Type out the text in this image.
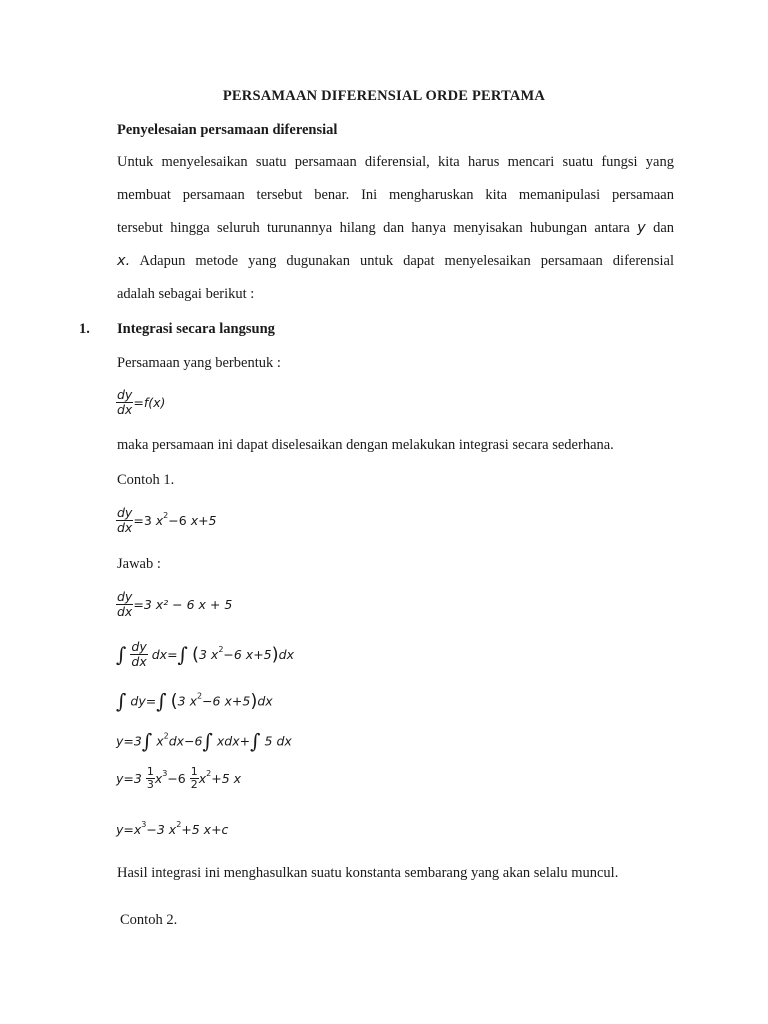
PERSAMAAN DIFERENSIAL ORDE PERTAMA
Penyelesaian persamaan diferensial
Untuk menyelesaikan suatu persamaan diferensial, kita harus mencari suatu fungsi yang
membuat persamaan tersebut benar. Ini mengharuskan kita memanipulasi persamaan
tersebut hingga seluruh turunannya hilang dan hanya menyisakan hubungan antara y dan
x. Adapun metode yang dugunakan untuk dapat menyelesaikan persamaan diferensial
adalah sebagai berikut :
1. Integrasi secara langsung
Persamaan yang berbentuk :
$\frac{dy}{dx} =f(x)$
maka persamaan ini dapat diselesaikan dengan melakukan integrasi secara sederhana.
Contoh 1.
$\frac{dy}{dx} =3$ $x^2-6$ x+5
Jawab :
$\frac{dy}{dx} =3$ x² − 6 x + 5
∫ $\frac{dy}{dx} dx=\int$ (3 $x^2-6$ x+5)dx
∫ dy=∫ (3 $x^2-6$ x+5)dx
y=3∫ $x^2dx-6\int$ xdx+∫ 5 dx
$y=3 \frac{1}{3} x^3-6 \frac{1}{2} x^2+5$ x
$y=x^3-3$ $x^2+5$ x+c
Hasil integrasi ini menghasulkan suatu konstanta sembarang yang akan selalu muncul.
Contoh 2.
